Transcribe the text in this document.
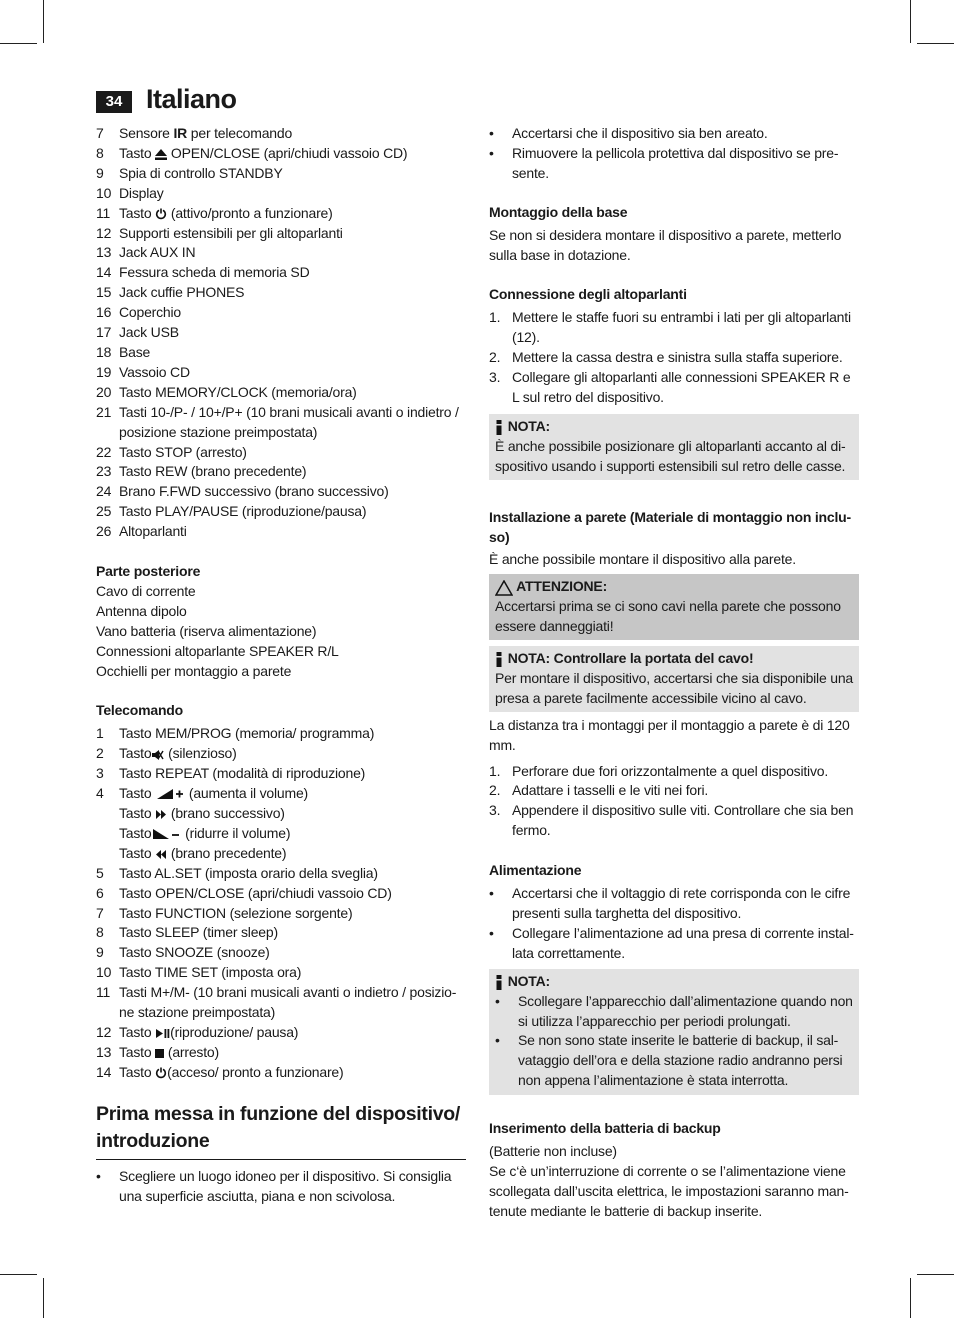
34 Italiano
7	Sensore IR per telecomando
8	Tasto OPEN/CLOSE (apri/chiudi vassoio CD)
9	Spia di controllo STANDBY
10 Display
11 Tasto (attivo/pronto a funzionare)
12 Supporti estensibili per gli altoparlanti
13 Jack AUX IN
14 Fessura scheda di memoria SD
15 Jack cuffie PHONES
16 Coperchio
17 Jack USB
18 Base
19 Vassoio CD
20 Tasto MEMORY/CLOCK (memoria/ora)
21 Tasti 10-/P- / 10+/P+ (10 brani musicali avanti o indietro /
posizione stazione preimpostata)
22 Tasto STOP (arresto)
23 Tasto REW (brano precedente)
24 Brano F.FWD successivo (brano successivo)
25 Tasto PLAY/PAUSE (riproduzione/pausa)
26 Altoparlanti
Parte posteriore
Cavo di corrente
Antenna dipolo
Vano batteria (riserva alimentazione)
Connessioni altoparlante SPEAKER R/L
Occhielli per montaggio a parete
Telecomando
1	Tasto MEM/PROG (memoria/ programma)
2	Tasto (silenzioso)
3	Tasto REPEAT (modalità di riproduzione)
4	Tasto	(aumenta il volume)
Tasto (brano successivo)
Tasto (ridurre il volume)
Tasto (brano precedente)
5	Tasto AL.SET (imposta orario della sveglia)
6	Tasto OPEN/CLOSE (apri/chiudi vassoio CD)
7	Tasto FUNCTION (selezione sorgente)
8	Tasto SLEEP (timer sleep)
9	Tasto SNOOZE (snooze)
10 Tasto TIME SET (imposta ora)
11 Tasti M+/M- (10 brani musicali avanti o indietro / posizio-
ne stazione preimpostata)
12 Tasto (riproduzione/ pausa)
13 Tasto (arresto)
14 Tasto (acceso/ pronto a funzionare)
Prima messa in funzione del dispositivo/
introduzione
•	Scegliere un luogo idoneo per il dispositivo. Si consiglia una superficie asciutta, piana e non scivolosa.
•	Accertarsi che il dispositivo sia ben areato.
•	Rimuovere la pellicola protettiva dal dispositivo se pre-sente.
Montaggio della base
Se non si desidera montare il dispositivo a parete, metterlo sulla base in dotazione.
Connessione degli altoparlanti
1. Mettere le staffe fuori su entrambi i lati per gli altoparlanti (12).
2. Mettere la cassa destra e sinistra sulla staffa superiore.
3. Collegare gli altoparlanti alle connessioni SPEAKER R e L sul retro del dispositivo.
NOTA:
È anche possibile posizionare gli altoparlanti accanto al di-spositivo usando i supporti estensibili sul retro delle casse.
Installazione a parete (Materiale di montaggio non inclu-so)
È anche possibile montare il dispositivo alla parete.
ATTENZIONE:
Accertarsi prima se ci sono cavi nella parete che possono essere danneggiati!
NOTA: Controllare la portata del cavo!
Per montare il dispositivo, accertarsi che sia disponibile una presa a parete facilmente accessibile vicino al cavo.
La distanza tra i montaggi per il montaggio a parete è di 120 mm.
1. Perforare due fori orizzontalmente a quel dispositivo.
2. Adattare i tasselli e le viti nei fori.
3. Appendere il dispositivo sulle viti. Controllare che sia ben fermo.
Alimentazione
•	Accertarsi che il voltaggio di rete corrisponda con le cifre presenti sulla targhetta del dispositivo.
•	Collegare l’alimentazione ad una presa di corrente instal-lata correttamente.
NOTA:
•	Scollegare l’apparecchio dall’alimentazione quando non si utilizza l’apparecchio per periodi prolungati.
•	Se non sono state inserite le batterie di backup, il sal-vataggio dell’ora e della stazione radio andranno persi non appena l’alimentazione è stata interrotta.
Inserimento della batteria di backup
(Batterie non incluse)
Se c‘è un’interruzione di corrente o se l’alimentazione viene scollegata dall’uscita elettrica, le impostazioni saranno man-tenute mediante le batterie di backup inserite.
